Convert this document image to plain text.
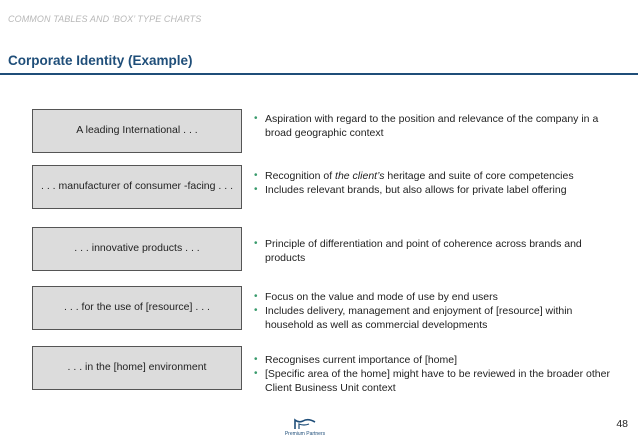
COMMON TABLES AND ‘BOX’ TYPE CHARTS
Corporate Identity (Example)
A leading International . . .
• Aspiration with regard to the position and relevance of the company in a broad geographic context
. . . manufacturer of consumer -facing . . .
• Recognition of the client’s heritage and suite of core competencies
• Includes relevant brands, but also allows for private label offering
. . . innovative products . . .	• Principle of differentiation and point of coherence across brands and products
. . . for the use of [resource] . . .
• Focus on the value and mode of use by end users
• Includes delivery, management and enjoyment of [resource] within household as well as commercial developments
. . . in the [home] environment
• Recognises current importance of [home]
• [Specific area of the home] might have to be reviewed in the broader other Client Business Unit context
Premium Partners
48
